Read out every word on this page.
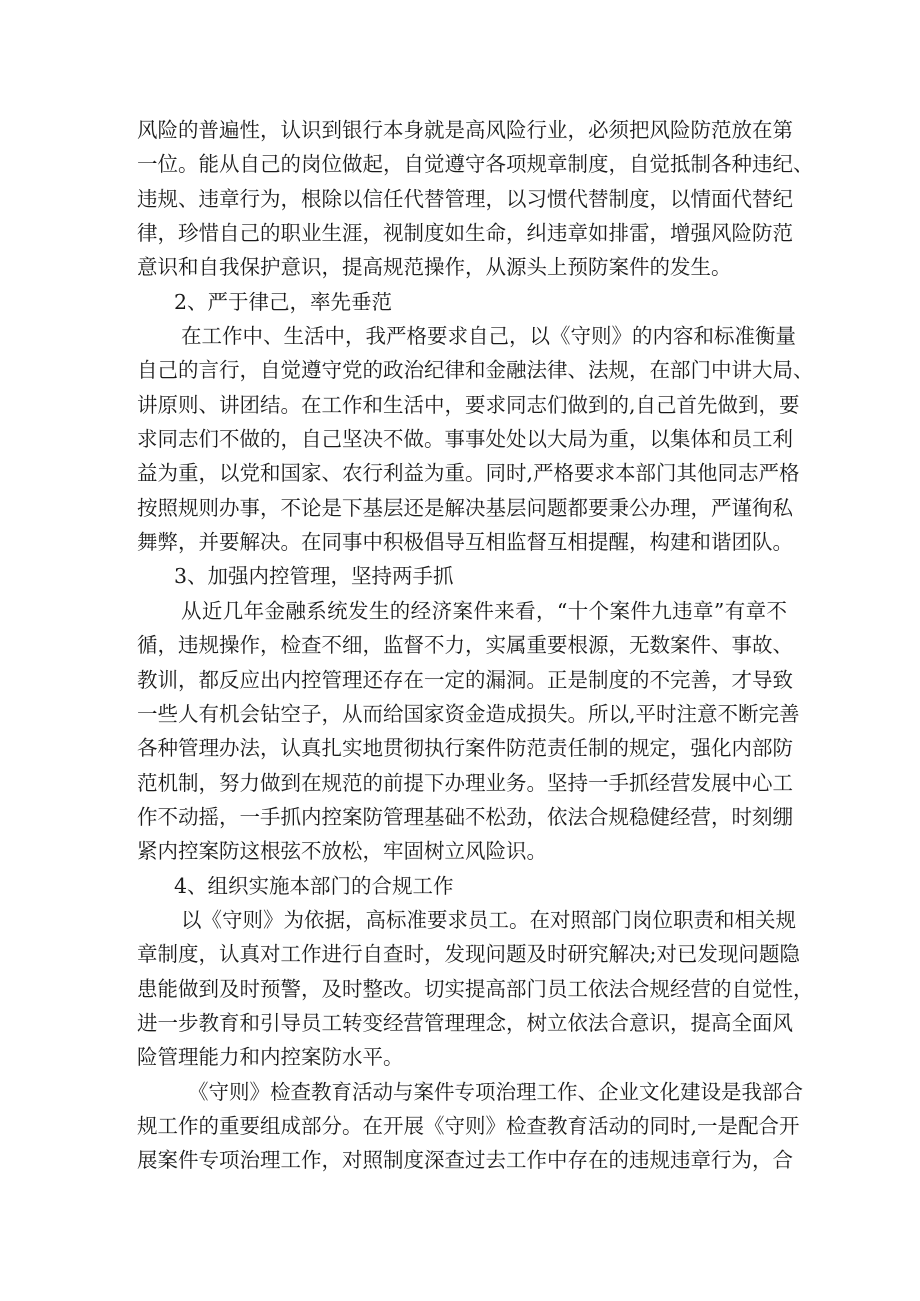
风险的普遍性，认识到银行本身就是高风险行业，必须把风险防范放在第
一位。能从自己的岗位做起，自觉遵守各项规章制度，自觉抵制各种违纪、
违规、违章行为，根除以信任代替管理，以习惯代替制度，以情面代替纪
律，珍惜自己的职业生涯，视制度如生命，纠违章如排雷，增强风险防范
意识和自我保护意识，提高规范操作，从源头上预防案件的发生。
2、严于律己，率先垂范
在工作中、生活中，我严格要求自己，以《守则》的内容和标准衡量
自己的言行，自觉遵守党的政治纪律和金融法律、法规，在部门中讲大局、
讲原则、讲团结。在工作和生活中，要求同志们做到的,自己首先做到，要
求同志们不做的，自己坚决不做。事事处处以大局为重，以集体和员工利
益为重，以党和国家、农行利益为重。同时,严格要求本部门其他同志严格
按照规则办事，不论是下基层还是解决基层问题都要秉公办理，严谨徇私
舞弊，并要解决。在同事中积极倡导互相监督互相提醒，构建和谐团队。
3、加强内控管理，坚持两手抓
从近几年金融系统发生的经济案件来看，“十个案件九违章”有章不
循，违规操作，检查不细，监督不力，实属重要根源，无数案件、事故、
教训，都反应出内控管理还存在一定的漏洞。正是制度的不完善，才导致
一些人有机会钻空子，从而给国家资金造成损失。所以,平时注意不断完善
各种管理办法，认真扎实地贯彻执行案件防范责任制的规定，强化内部防
范机制，努力做到在规范的前提下办理业务。坚持一手抓经营发展中心工
作不动摇，一手抓内控案防管理基础不松劲，依法合规稳健经营，时刻绷
紧内控案防这根弦不放松，牢固树立风险识。
4、组织实施本部门的合规工作
以《守则》为依据，高标准要求员工。在对照部门岗位职责和相关规
章制度，认真对工作进行自查时，发现问题及时研究解决;对已发现问题隐
患能做到及时预警，及时整改。切实提高部门员工依法合规经营的自觉性，
进一步教育和引导员工转变经营管理理念，树立依法合意识，提高全面风
险管理能力和内控案防水平。
《守则》检查教育活动与案件专项治理工作、企业文化建设是我部合
规工作的重要组成部分。在开展《守则》检查教育活动的同时,一是配合开
展案件专项治理工作，对照制度深查过去工作中存在的违规违章行为，合
